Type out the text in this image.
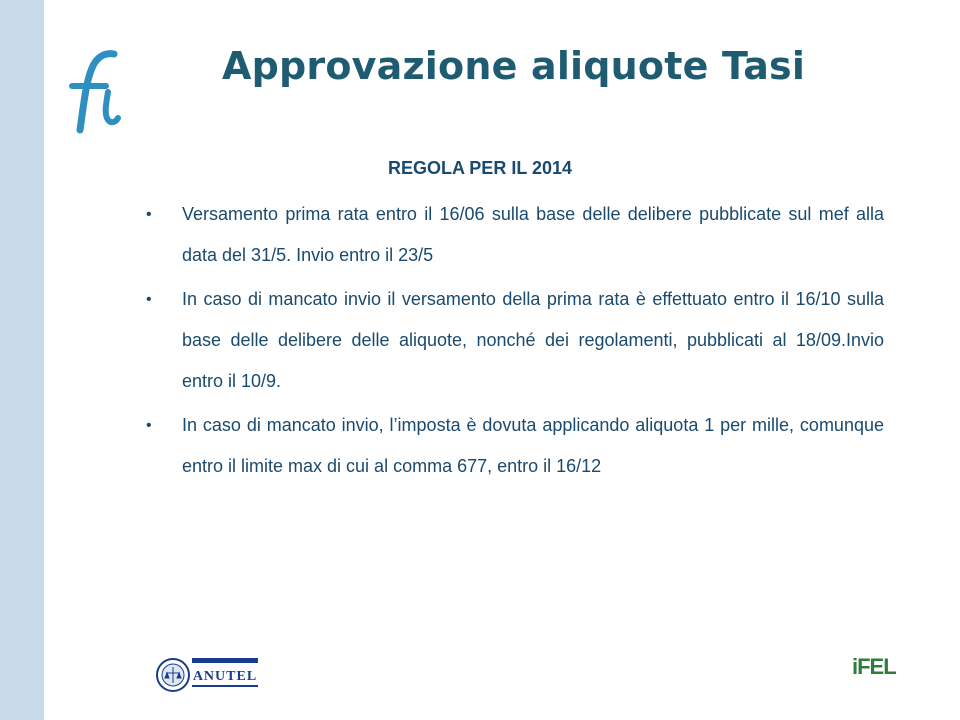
Approvazione aliquote Tasi
REGOLA PER IL 2014
• Versamento prima rata entro il 16/06 sulla base delle delibere pubblicate sul mef alla data del 31/5. Invio entro il 23/5
• In caso di mancato invio il versamento della prima rata è effettuato entro il 16/10 sulla base delle delibere delle aliquote, nonché dei regolamenti, pubblicati al 18/09.Invio entro il 10/9.
• In caso di mancato invio, l’imposta è dovuta applicando aliquota 1 per mille, comunque entro il limite max di cui al comma 677, entro il 16/12
ANUTEL	iFEL
